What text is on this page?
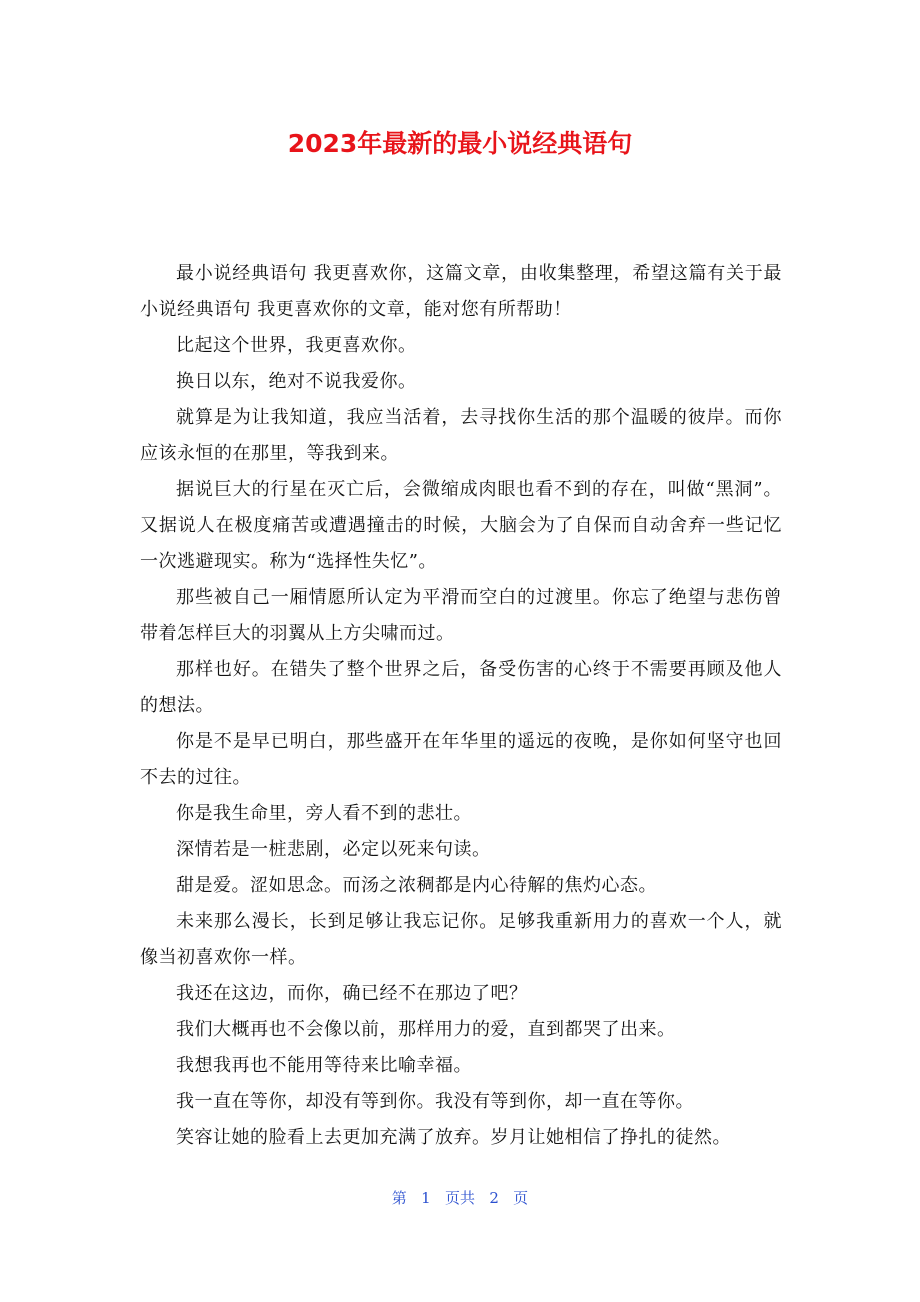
2023年最新的最小说经典语句

最小说经典语句 我更喜欢你，这篇文章，由收集整理，希望这篇有关于最小说经典语句 我更喜欢你的文章，能对您有所帮助！

比起这个世界，我更喜欢你。

换日以东，绝对不说我爱你。

就算是为让我知道，我应当活着，去寻找你生活的那个温暖的彼岸。而你应该永恒的在那里，等我到来。

据说巨大的行星在灭亡后，会微缩成肉眼也看不到的存在，叫做“黑洞”。又据说人在极度痛苦或遭遇撞击的时候，大脑会为了自保而自动舍弃一些记忆一次逃避现实。称为“选择性失忆”。

那些被自己一厢情愿所认定为平滑而空白的过渡里。你忘了绝望与悲伤曾带着怎样巨大的羽翼从上方尖啸而过。

那样也好。在错失了整个世界之后，备受伤害的心终于不需要再顾及他人的想法。

你是不是早已明白，那些盛开在年华里的遥远的夜晚，是你如何坚守也回不去的过往。

你是我生命里，旁人看不到的悲壮。

深情若是一桩悲剧，必定以死来句读。

甜是爱。涩如思念。而汤之浓稠都是内心待解的焦灼心态。

未来那么漫长，长到足够让我忘记你。足够我重新用力的喜欢一个人，就像当初喜欢你一样。

我还在这边，而你，确已经不在那边了吧？

我们大概再也不会像以前，那样用力的爱，直到都哭了出来。

我想我再也不能用等待来比喻幸福。

我一直在等你，却没有等到你。我没有等到你，却一直在等你。

笑容让她的脸看上去更加充满了放弃。岁月让她相信了挣扎的徒然。

第 1 页共 2 页
